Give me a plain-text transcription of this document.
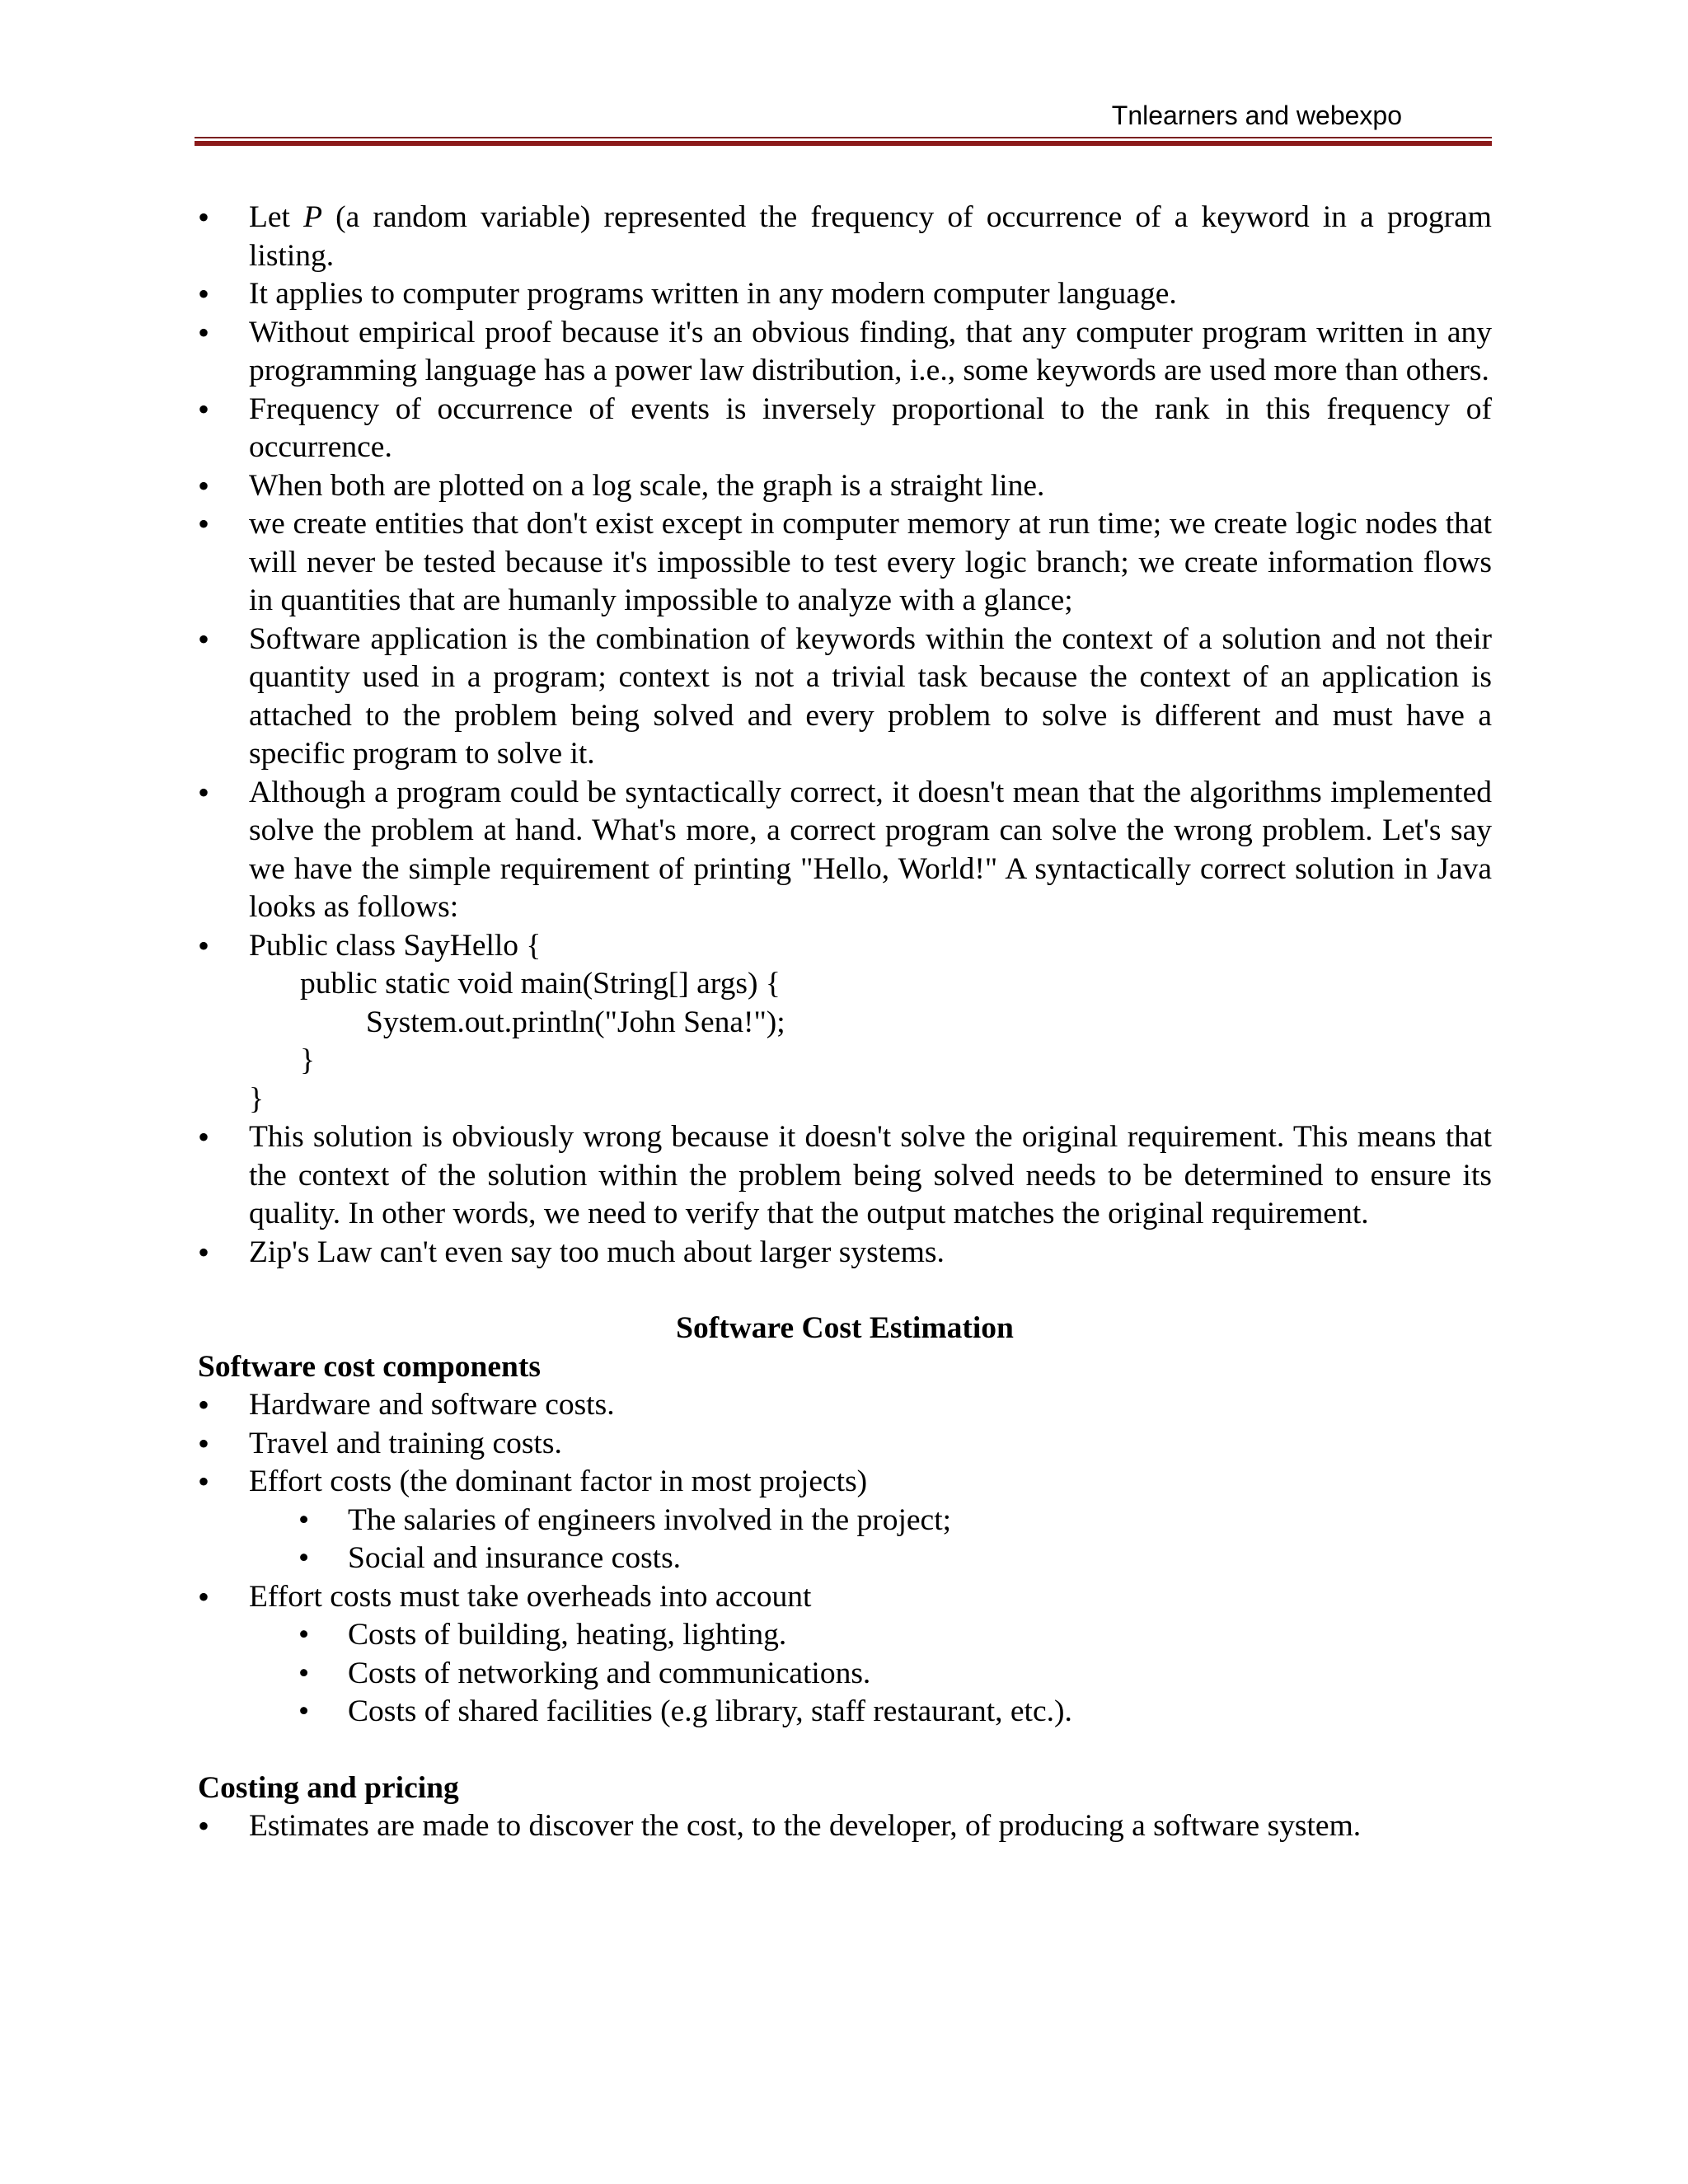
Tnlearners and webexpo
• Let P (a random variable) represented the frequency of occurrence of a keyword in a program listing.
• It applies to computer programs written in any modern computer language.
• Without empirical proof because it's an obvious finding, that any computer program written in any programming language has a power law distribution, i.e., some keywords are used more than others.
• Frequency of occurrence of events is inversely proportional to the rank in this frequency of occurrence.
• When both are plotted on a log scale, the graph is a straight line.
• we create entities that don't exist except in computer memory at run time; we create logic nodes that will never be tested because it's impossible to test every logic branch; we create information flows in quantities that are humanly impossible to analyze with a glance;
• Software application is the combination of keywords within the context of a solution and not their quantity used in a program; context is not a trivial task because the context of an application is attached to the problem being solved and every problem to solve is different and must have a specific program to solve it.
• Although a program could be syntactically correct, it doesn't mean that the algorithms implemented solve the problem at hand. What's more, a correct program can solve the wrong problem. Let's say we have the simple requirement of printing "Hello, World!" A syntactically correct solution in Java looks as follows:
• Public class SayHello {
public static void main(String[] args) {
System.out.println("John Sena!");
}
}
• This solution is obviously wrong because it doesn't solve the original requirement. This means that the context of the solution within the problem being solved needs to be determined to ensure its quality. In other words, we need to verify that the output matches the original requirement.
• Zip's Law can't even say too much about larger systems.
Software Cost Estimation
Software cost components
• Hardware and software costs.
• Travel and training costs.
• Effort costs (the dominant factor in most projects)
• The salaries of engineers involved in the project;
• Social and insurance costs.
• Effort costs must take overheads into account
• Costs of building, heating, lighting.
• Costs of networking and communications.
• Costs of shared facilities (e.g library, staff restaurant, etc.).
Costing and pricing
• Estimates are made to discover the cost, to the developer, of producing a software system.
